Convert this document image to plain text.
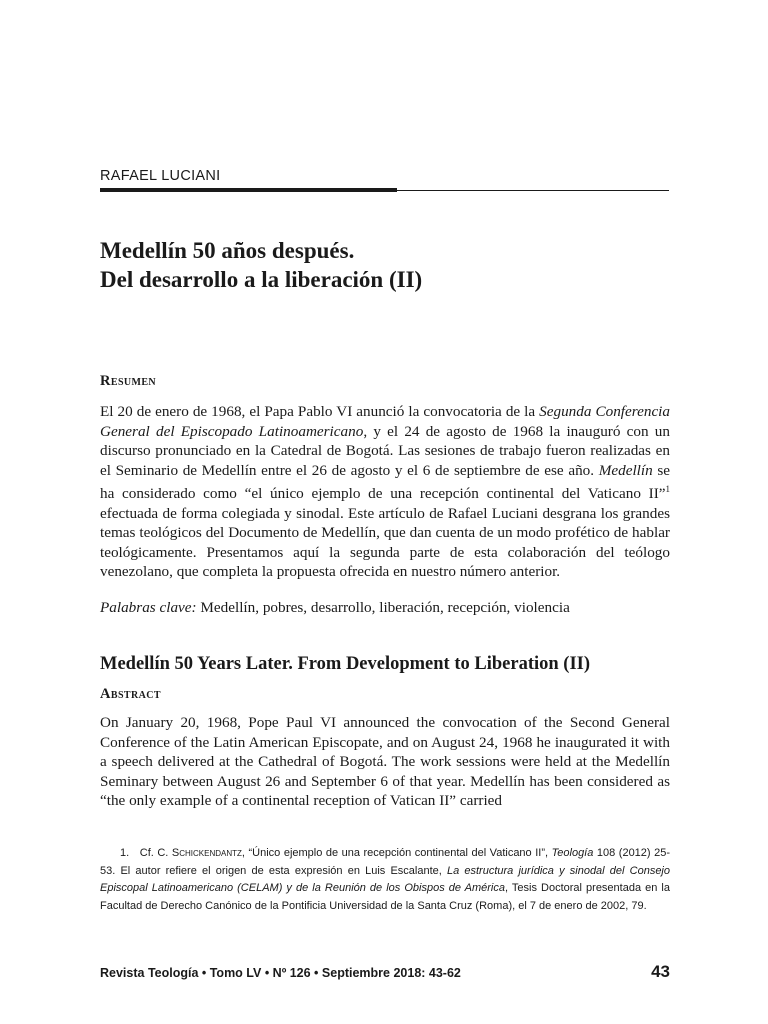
RAFAEL LUCIANI
Medellín 50 años después.
Del desarrollo a la liberación (II)
Resumen

El 20 de enero de 1968, el Papa Pablo VI anunció la convocatoria de la Segunda Conferencia General del Episcopado Latinoamericano, y el 24 de agosto de 1968 la inauguró con un discurso pronunciado en la Catedral de Bogotá. Las sesiones de trabajo fueron realizadas en el Seminario de Medellín entre el 26 de agosto y el 6 de septiembre de ese año. Medellín se ha considerado como “el único ejemplo de una recepción continental del Vaticano II”$^1$ efectuada de forma colegiada y sinodal. Este artículo de Rafael Luciani desgrana los grandes temas teológicos del Documento de Medellín, que dan cuenta de un modo profético de hablar teológicamente. Presentamos aquí la segunda parte de esta colaboración del teólogo venezolano, que completa la propuesta ofrecida en nuestro número anterior.

Palabras clave: Medellín, pobres, desarrollo, liberación, recepción, violencia

Medellín 50 Years Later. From Development to Liberation (II)
Abstract

On January 20, 1968, Pope Paul VI announced the convocation of the Second General Conference of the Latin American Episcopate, and on August 24, 1968 he inaugurated it with a speech delivered at the Cathedral of Bogotá. The work sessions were held at the Medellín Seminary between August 26 and September 6 of that year. Medellín has been considered as “the only example of a continental reception of Vatican II” carried

1. Cf. C. Schickendantz, “Único ejemplo de una recepción continental del Vaticano II”, Teología 108 (2012) 25-53. El autor refiere el origen de esta expresión en Luis Escalante, La estructura jurídica y sinodal del Consejo Episcopal Latinoamericano (CELAM) y de la Reunión de los Obispos de América, Tesis Doctoral presentada en la Facultad de Derecho Canónico de la Pontificia Universidad de la Santa Cruz (Roma), el 7 de enero de 2002, 79.

Revista Teología • Tomo LV • Nº 126 • Septiembre 2018: 43-62	43
